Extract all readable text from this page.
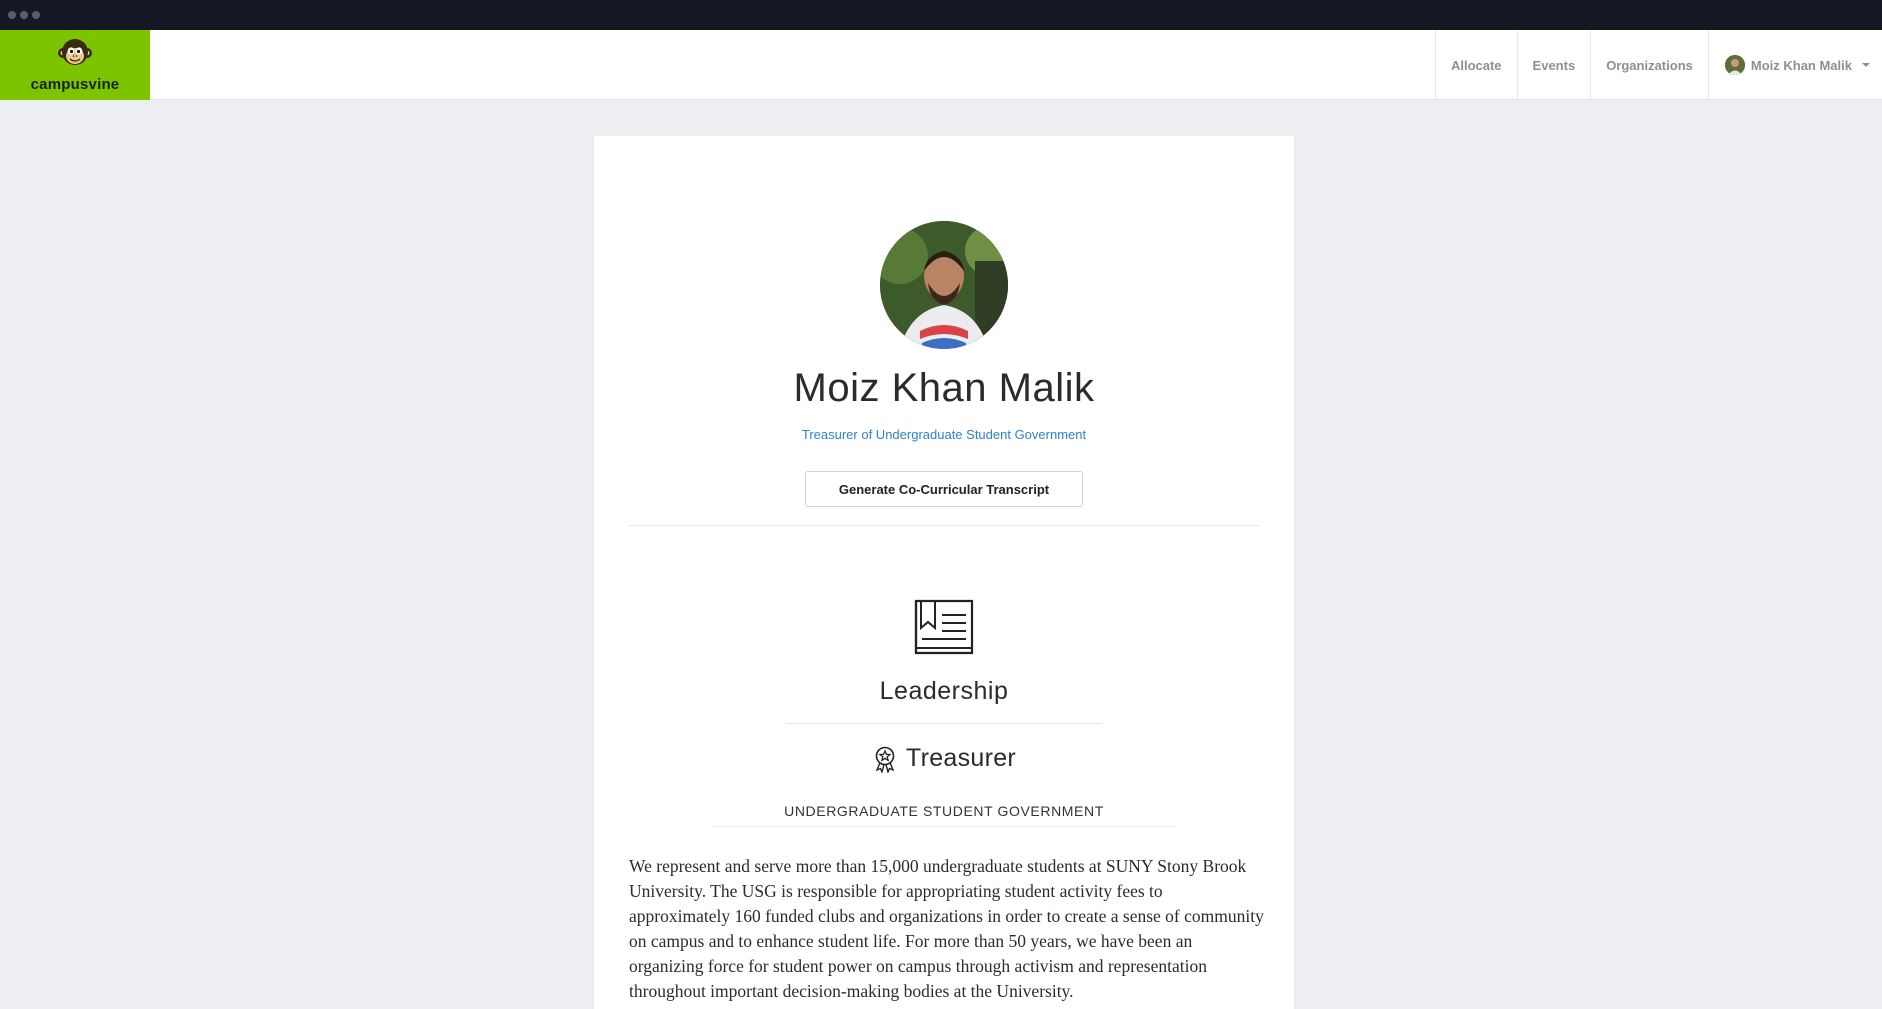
campusvine
Allocate	Events	Organizations	Moiz Khan Malik
Moiz Khan Malik
Treasurer of Undergraduate Student Government
Generate Co-Curricular Transcript
Leadership
Treasurer
UNDERGRADUATE STUDENT GOVERNMENT

We represent and serve more than 15,000 undergraduate students at SUNY Stony Brook University. The USG is responsible for appropriating student activity fees to approximately 160 funded clubs and organizations in order to create a sense of community on campus and to enhance student life. For more than 50 years, we have been an organizing force for student power on campus through activism and representation throughout important decision-making bodies at the University.
